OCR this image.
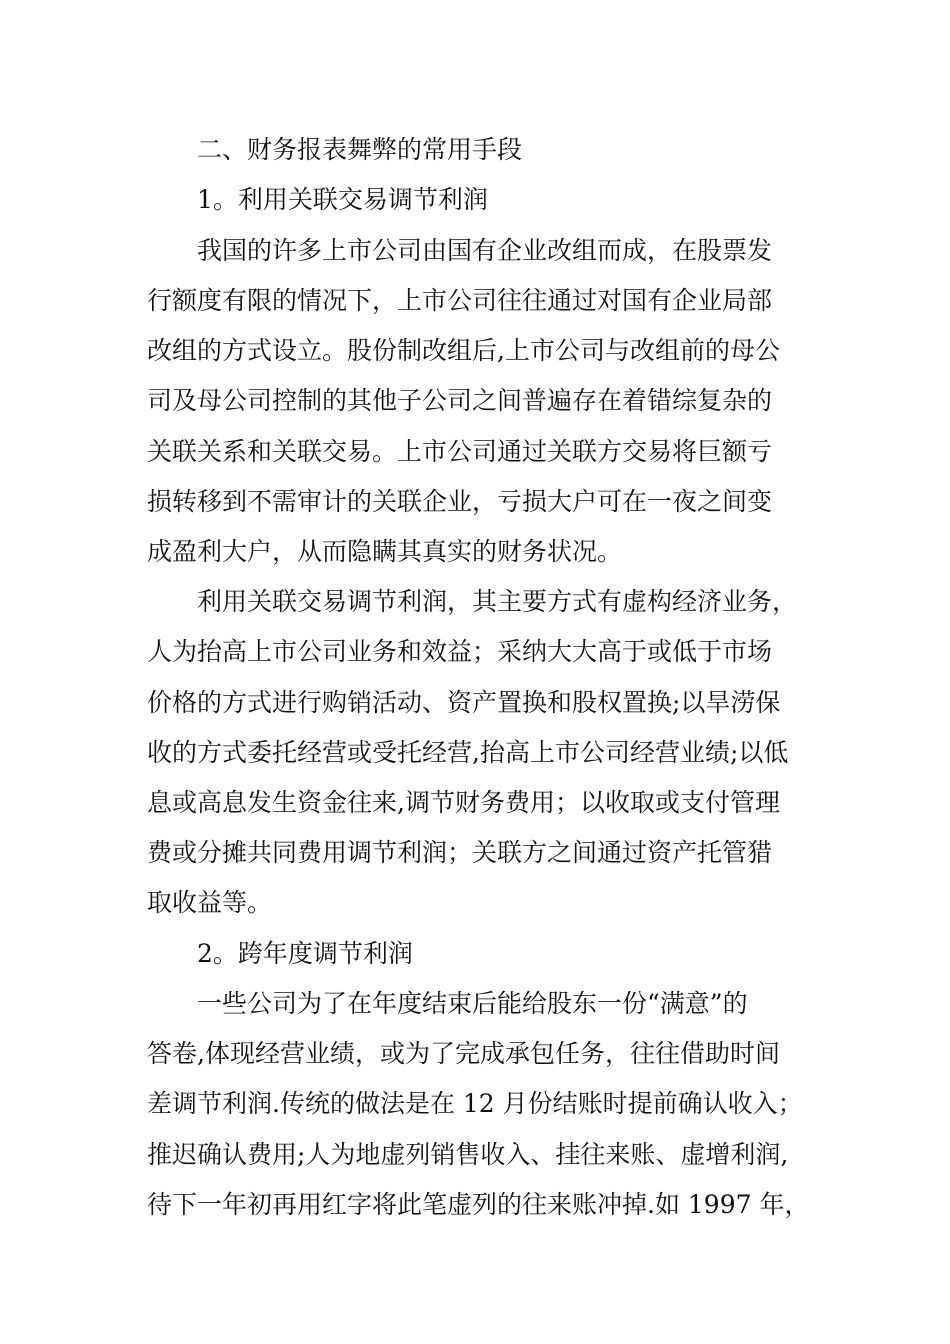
二、财务报表舞弊的常用手段
1。利用关联交易调节利润
我国的许多上市公司由国有企业改组而成，在股票发
行额度有限的情况下，上市公司往往通过对国有企业局部
改组的方式设立。股份制改组后,上市公司与改组前的母公
司及母公司控制的其他子公司之间普遍存在着错综复杂的
关联关系和关联交易。上市公司通过关联方交易将巨额亏
损转移到不需审计的关联企业，亏损大户可在一夜之间变
成盈利大户，从而隐瞒其真实的财务状况。
利用关联交易调节利润，其主要方式有虚构经济业务，
人为抬高上市公司业务和效益；采纳大大高于或低于市场
价格的方式进行购销活动、资产置换和股权置换;以旱涝保
收的方式委托经营或受托经营,抬高上市公司经营业绩;以低
息或高息发生资金往来,调节财务费用；以收取或支付管理
费或分摊共同费用调节利润；关联方之间通过资产托管猎
取收益等。
2。跨年度调节利润
一些公司为了在年度结束后能给股东一份“满意”的
答卷,体现经营业绩，或为了完成承包任务，往往借助时间
差调节利润.传统的做法是在 12 月份结账时提前确认收入；
推迟确认费用;人为地虚列销售收入、挂往来账、虚增利润,
待下一年初再用红字将此笔虚列的往来账冲掉.如 1997 年，
